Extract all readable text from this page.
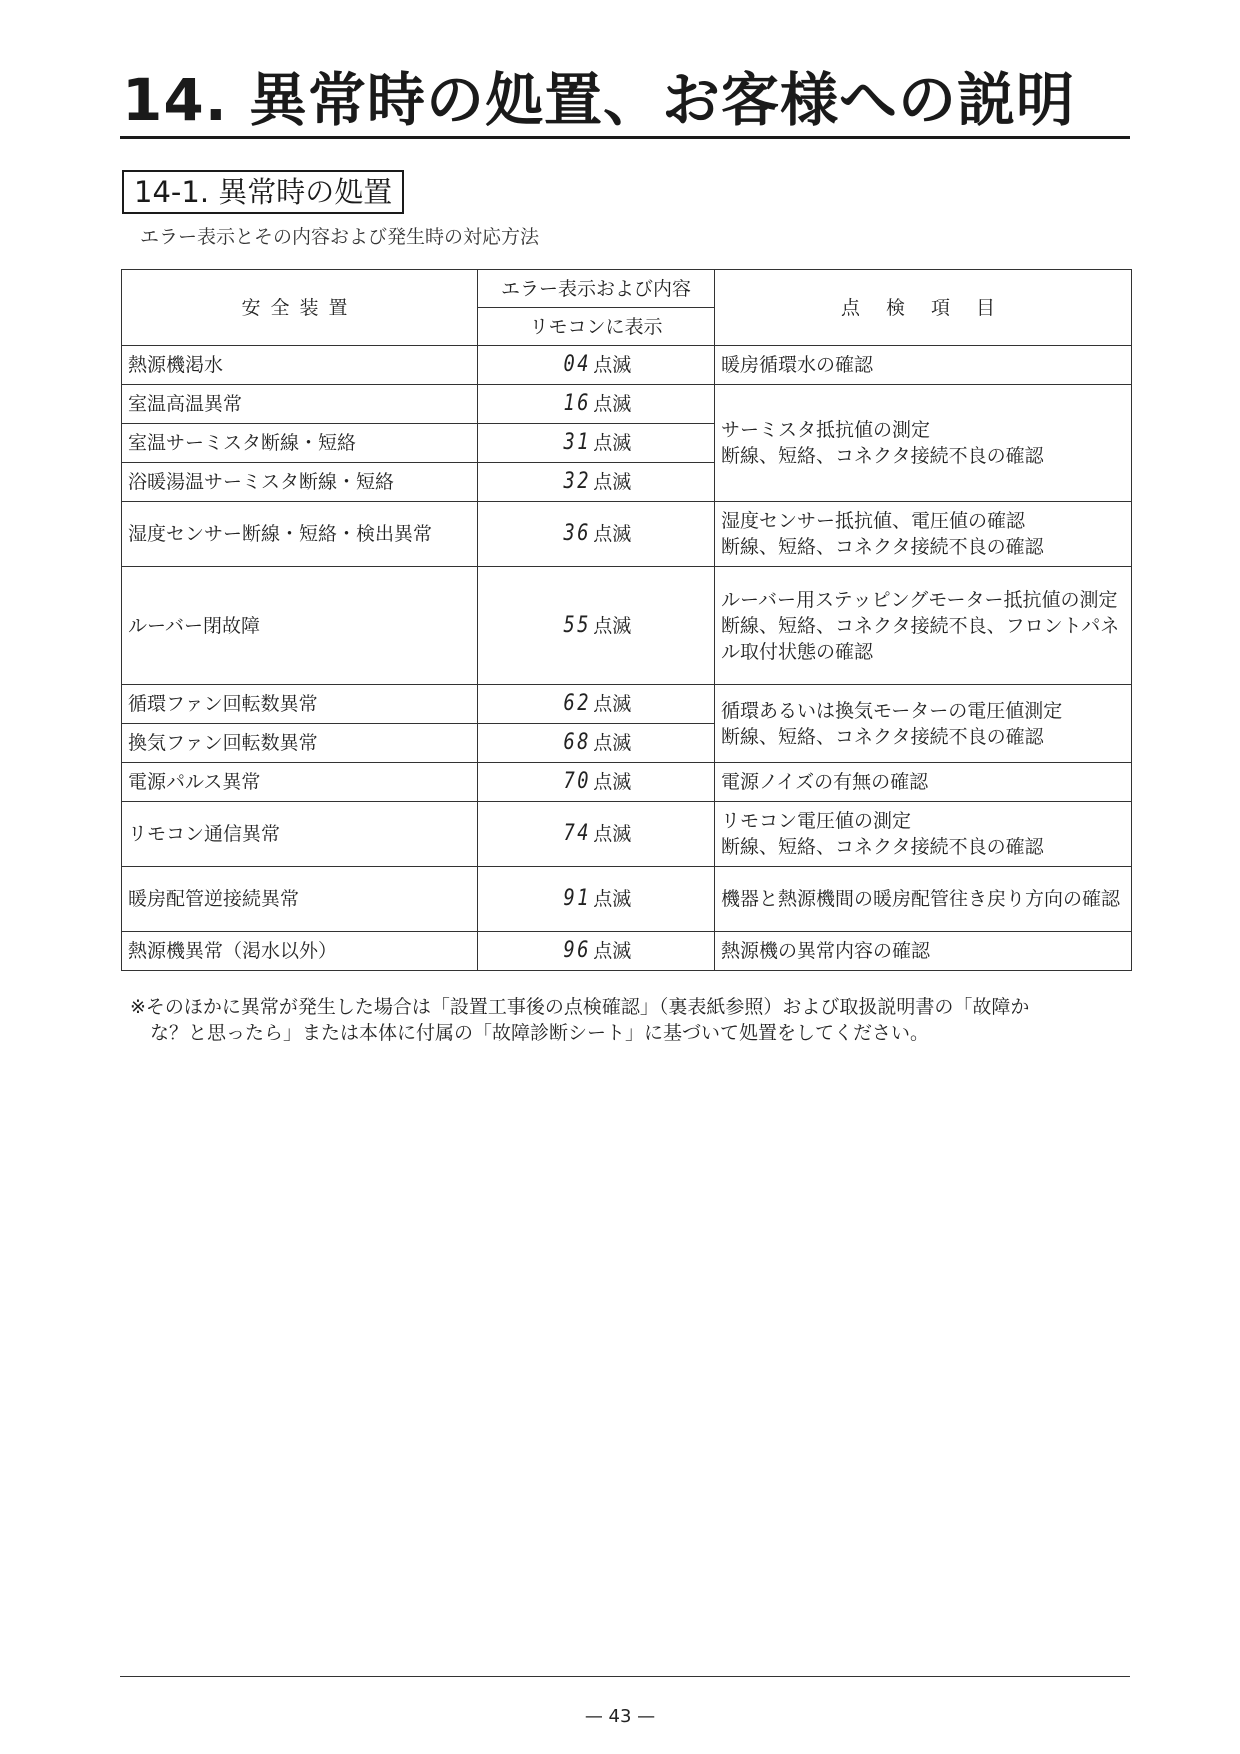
14. 異常時の処置、お客様への説明
14-1. 異常時の処置
エラー表示とその内容および発生時の対応方法
安全装置	エラー表示および内容	点 検 項 目
	リモコンに表示	
熱源機渇水	04 点滅	暖房循環水の確認

室温高温異常	16 点滅	サーミスタ抵抗値の測定
断線、短絡、コネクタ接続不良の確認

室温サーミスタ断線・短絡	31 点滅	
浴暖湯温サーミスタ断線・短絡	32 点滅	
湿度センサー断線・短絡・検出異常	36 点滅	湿度センサー抵抗値、電圧値の確認
断線、短絡、コネクタ接続不良の確認

ルーバー閉故障	55 点滅	ルーバー用ステッピングモーター抵抗値の測定
断線、短絡、コネクタ接続不良、フロントパネル取付状態の確認

循環ファン回転数異常	62 点滅	循環あるいは換気モーターの電圧値測定
断線、短絡、コネクタ接続不良の確認

換気ファン回転数異常	68 点滅	
電源パルス異常	70 点滅	電源ノイズの有無の確認

リモコン通信異常	74 点滅	リモコン電圧値の測定
断線、短絡、コネクタ接続不良の確認

暖房配管逆接続異常	91 点滅	機器と熱源機間の暖房配管往き戻り方向の確認

熱源機異常（渇水以外）	96 点滅	熱源機の異常内容の確認

※そのほかに異常が発生した場合は「設置工事後の点検確認」（裏表紙参照）および取扱説明書の「故障か
な？と思ったら」または本体に付属の「故障診断シート」に基づいて処置をしてください。

— 43 —
